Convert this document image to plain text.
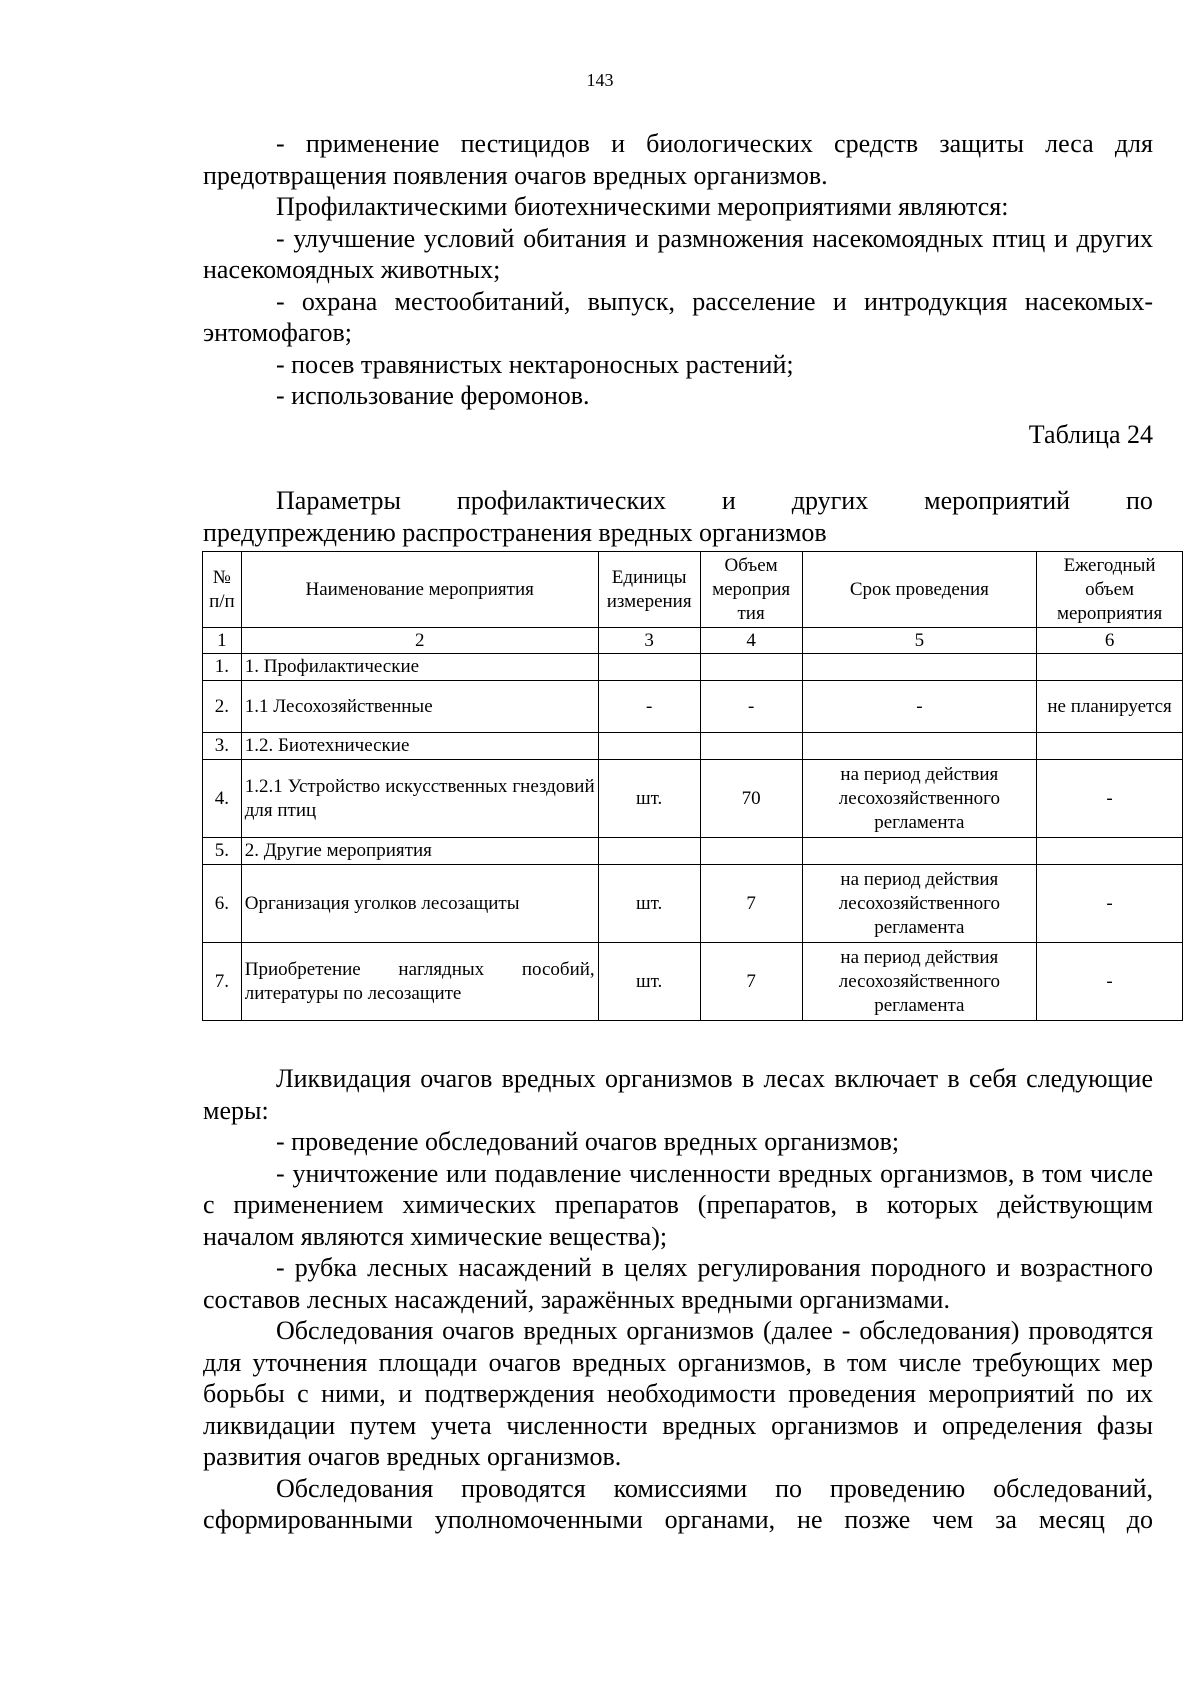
143

- применение пестицидов и биологических средств защиты леса для предотвращения появления очагов вредных организмов.

Профилактическими биотехническими мероприятиями являются:

- улучшение условий обитания и размножения насекомоядных птиц и других насекомоядных животных;

- охрана местообитаний, выпуск, расселение и интродукция насекомых-энтомофагов;

- посев травянистых нектароносных растений;

- использование феромонов.

Таблица 24
Параметры профилактических и других мероприятий по
предупреждению распространения вредных организмов
№ п/п	Наименование мероприятия	Единицы измерения	Объем мероприя тия	Срок проведения	Ежегодный объем мероприятия
1	2	3	4	5	6
1.	1. Профилактические				
2.	1.1 Лесохозяйственные	-	-	-	не планируется
3.	1.2. Биотехнические				
4.	1.2.1 Устройство искусственных гнездовий для птиц	шт.	70	на период действия лесохозяйственного регламента	-
5.	2. Другие мероприятия				
6.	Организация уголков лесозащиты	шт.	7	на период действия лесохозяйственного регламента	-
7.	Приобретение наглядных пособий, литературы по лесозащите	шт.	7	на период действия лесохозяйственного регламента	-

Ликвидация очагов вредных организмов в лесах включает в себя следующие меры:

- проведение обследований очагов вредных организмов;

- уничтожение или подавление численности вредных организмов, в том числе с применением химических препаратов (препаратов, в которых действующим началом являются химические вещества);

- рубка лесных насаждений в целях регулирования породного и возрастного составов лесных насаждений, заражённых вредными организмами.

Обследования очагов вредных организмов (далее - обследования) проводятся для уточнения площади очагов вредных организмов, в том числе требующих мер борьбы с ними, и подтверждения необходимости проведения мероприятий по их ликвидации путем учета численности вредных организмов и определения фазы развития очагов вредных организмов.

Обследования проводятся комиссиями по проведению обследований, сформированными уполномоченными органами, не позже чем за месяц до
